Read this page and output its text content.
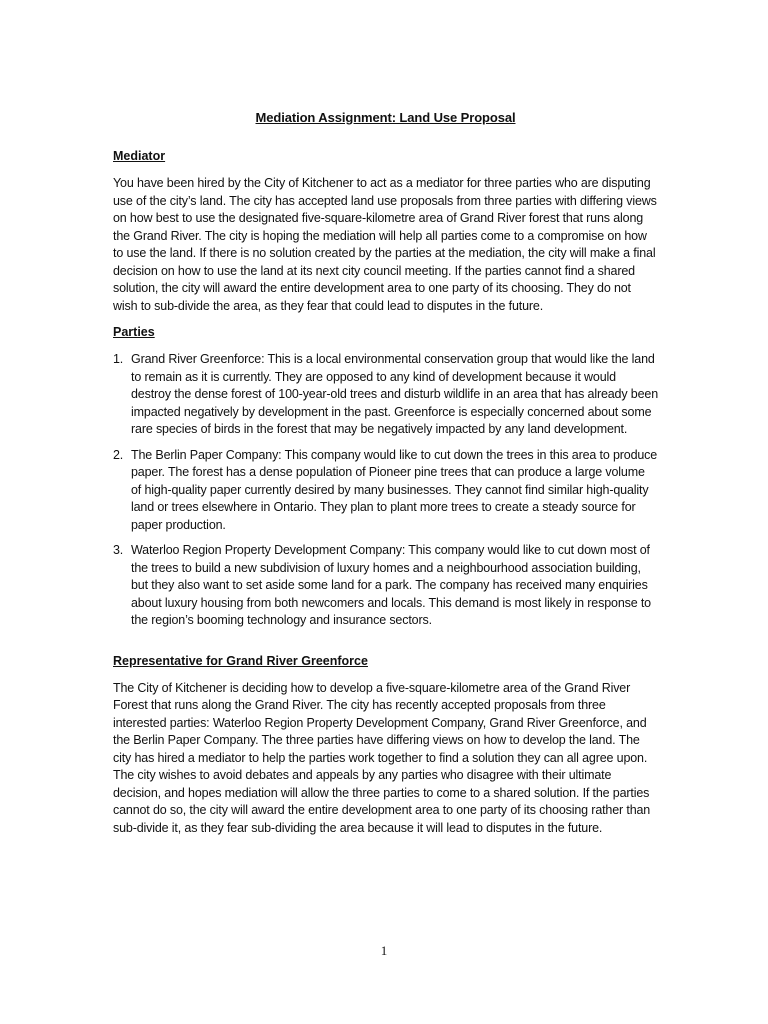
Mediation Assignment: Land Use Proposal
Mediator

You have been hired by the City of Kitchener to act as a mediator for three parties who are disputing use of the city’s land. The city has accepted land use proposals from three parties with differing views on how best to use the designated five-square-kilometre area of Grand River forest that runs along the Grand River. The city is hoping the mediation will help all parties come to a compromise on how to use the land. If there is no solution created by the parties at the mediation, the city will make a final decision on how to use the land at its next city council meeting. If the parties cannot find a shared solution, the city will award the entire development area to one party of its choosing. They do not wish to sub-divide the area, as they fear that could lead to disputes in the future.

Parties
1. Grand River Greenforce: This is a local environmental conservation group that would like the land to remain as it is currently. They are opposed to any kind of development because it would destroy the dense forest of 100-year-old trees and disturb wildlife in an area that has already been impacted negatively by development in the past. Greenforce is especially concerned about some rare species of birds in the forest that may be negatively impacted by any land development.
2. The Berlin Paper Company: This company would like to cut down the trees in this area to produce paper. The forest has a dense population of Pioneer pine trees that can produce a large volume of high-quality paper currently desired by many businesses. They cannot find similar high-quality land or trees elsewhere in Ontario. They plan to plant more trees to create a steady source for paper production.
3. Waterloo Region Property Development Company: This company would like to cut down most of the trees to build a new subdivision of luxury homes and a neighbourhood association building, but they also want to set aside some land for a park. The company has received many enquiries about luxury housing from both newcomers and locals. This demand is most likely in response to the region’s booming technology and insurance sectors.
Representative for Grand River Greenforce

The City of Kitchener is deciding how to develop a five-square-kilometre area of the Grand River Forest that runs along the Grand River. The city has recently accepted proposals from three interested parties: Waterloo Region Property Development Company, Grand River Greenforce, and the Berlin Paper Company. The three parties have differing views on how to develop the land. The city has hired a mediator to help the parties work together to find a solution they can all agree upon. The city wishes to avoid debates and appeals by any parties who disagree with their ultimate decision, and hopes mediation will allow the three parties to come to a shared solution. If the parties cannot do so, the city will award the entire development area to one party of its choosing rather than sub-divide it, as they fear sub-dividing the area because it will lead to disputes in the future.

1
